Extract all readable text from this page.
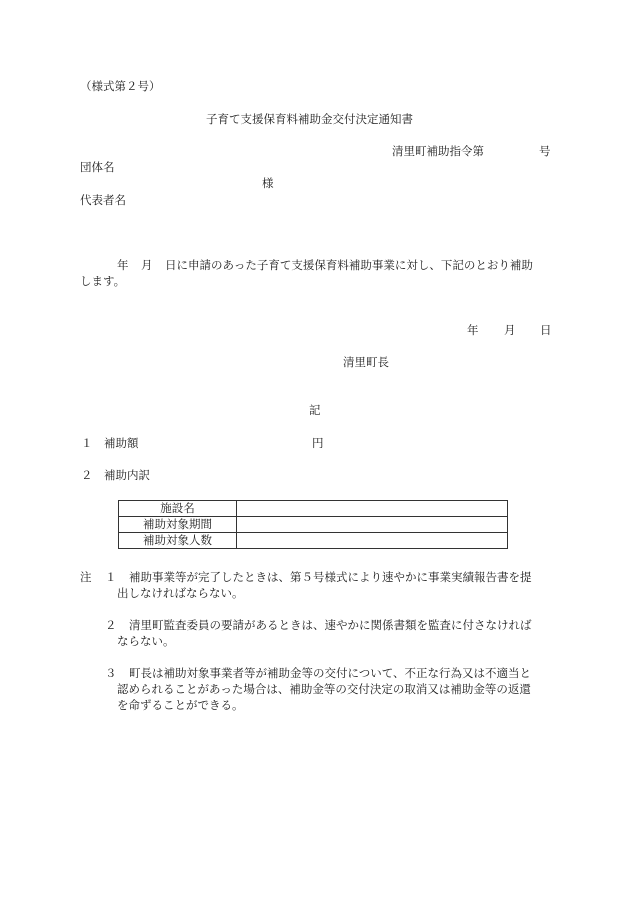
（様式第２号）
子育て支援保育料補助金交付決定通知書
清里町補助指令第	号
団体名
様
代表者名
年 月 日に申請のあった子育て支援保育料補助事業に対し、下記のとおり補助
します。
年 月 日
清里町長
記
１ 補助額	円
２ 補助内訳
施設名	
補助対象期間	
補助対象人数	
注 １ 補助事業等が完了したときは、第５号様式により速やかに事業実績報告書を提
出しなければならない。
２ 清里町監査委員の要請があるときは、速やかに関係書類を監査に付さなければ
ならない。
３ 町長は補助対象事業者等が補助金等の交付について、不正な行為又は不適当と
認められることがあった場合は、補助金等の交付決定の取消又は補助金等の返還
を命ずることができる。
